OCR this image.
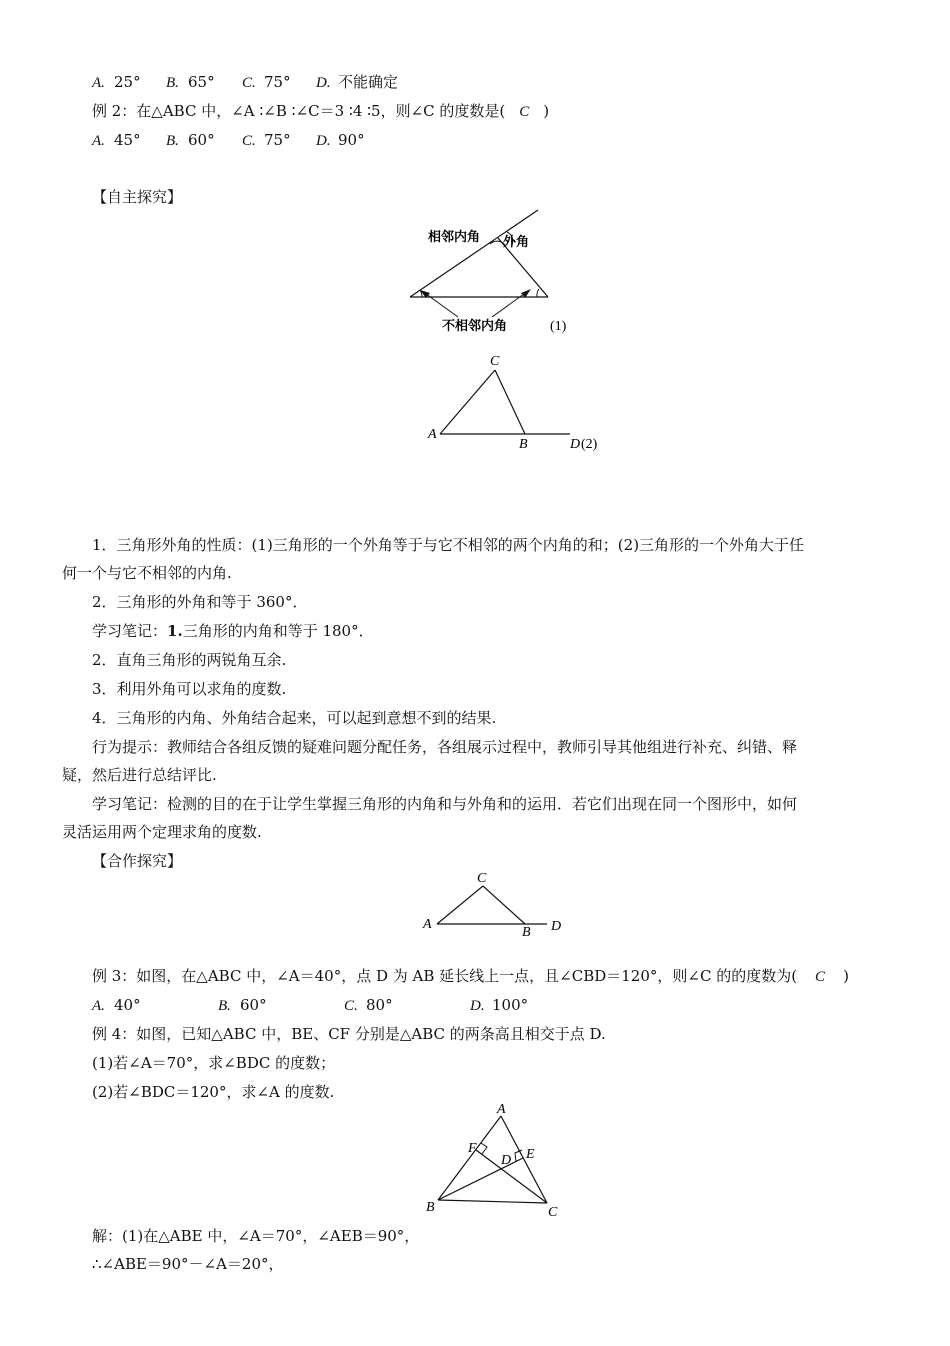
A. 25° B. 65° C. 75° D. 不能确定
例 2：在△ABC 中，∠A ∶∠B ∶∠C＝3 ∶4 ∶5，则∠C 的度数是( C )
A. 45° B. 60° C. 75° D. 90°
【自主探究】
相邻内角 外角
不相邻内角	(1)
C
A
B	D (2)
1．三角形外角的性质：(1)三角形的一个外角等于与它不相邻的两个内角的和；(2)三角形的一个外角大于任
何一个与它不相邻的内角.
2．三角形的外角和等于 360°．
学习笔记：1.三角形的内角和等于 180°．
2．直角三角形的两锐角互余.
3．利用外角可以求角的度数.
4．三角形的内角、外角结合起来，可以起到意想不到的结果.
行为提示：教师结合各组反馈的疑难问题分配任务，各组展示过程中，教师引导其他组进行补充、纠错、释
疑，然后进行总结评比.
学习笔记：检测的目的在于让学生掌握三角形的内角和与外角和的运用．若它们出现在同一个图形中，如何
灵活运用两个定理求角的度数.
【合作探究】
C
A
B D
例 3：如图，在△ABC 中，∠A＝40°，点 D 为 AB 延长线上一点，且∠CBD＝120°，则∠C 的的度数为( C )
A. 40°	B. 60°	C. 80°	D. 100°
例 4：如图，已知△ABC 中，BE、CF 分别是△ABC 的两条高且相交于点 D.
(1)若∠A＝70°，求∠BDC 的度数；
(2)若∠BDC＝120°，求∠A 的度数.
A
B	C
D E
F
解：(1)在△ABE 中，∠A＝70°，∠AEB＝90°，
∴∠ABE＝90°－∠A＝20°，
